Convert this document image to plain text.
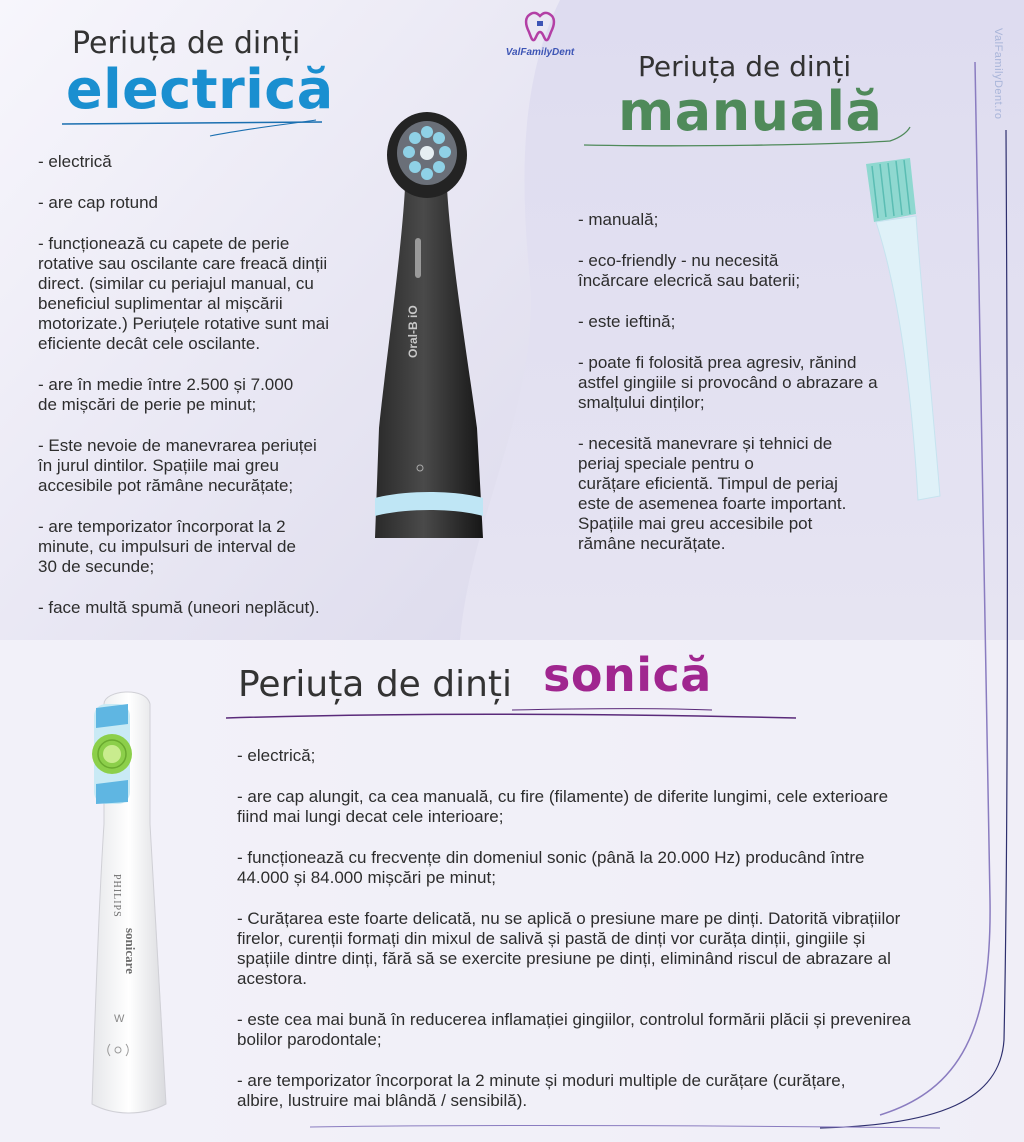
ValFamilyDent	ValFamilyDent.ro
Periuța de dinți
electrică

- electrică

- are cap rotund

- funcționează cu capete de perie
rotative sau oscilante care freacă dinții
direct. (similar cu periajul manual, cu
beneficiul suplimentar al mișcării
motorizate.) Periuțele rotative sunt mai
eficiente decât cele oscilante.

- are în medie între 2.500 și 7.000
de mișcări de perie pe minut;

- Este nevoie de manevrarea periuței
în jurul dintilor. Spațiile mai greu
accesibile pot rămâne necurățate;

- are temporizator încorporat la 2
minute, cu impulsuri de interval de
30 de secunde;

- face multă spumă (uneori neplăcut).

Oral-B iO
Periuța de dinți
manuală

- manuală;

- eco-friendly - nu necesită
încărcare elecrică sau baterii;

- este ieftină;

- poate fi folosită prea agresiv, rănind
astfel gingiile si provocând o abrazare a
smalțului dinților;

- necesită manevrare și tehnici de
periaj speciale pentru o
curățare eficientă. Timpul de periaj
este de asemenea foarte important.
Spațiile mai greu accesibile pot
rămâne necurățate.

Periuța de dinți sonică

- electrică;

- are cap alungit, ca cea manuală, cu fire (filamente) de diferite lungimi, cele exterioare
fiind mai lungi decat cele interioare;

- funcționează cu frecvențe din domeniul sonic (până la 20.000 Hz) producând între
44.000 și 84.000 mișcări pe minut;

- Curățarea este foarte delicată, nu se aplică o presiune mare pe dinți. Datorită vibrațiilor
firelor, curenții formați din mixul de salivă și pastă de dinți vor curăța dinții, gingiile și
spațiile dintre dinți, fără să se exercite presiune pe dinți, eliminând riscul de abrazare al
acestora.

- este cea mai bună în reducerea inflamației gingiilor, controlul formării plăcii și prevenirea
bolilor parodontale;

- are temporizator încorporat la 2 minute și moduri multiple de curățare (curățare,
albire, lustruire mai blândă / sensibilă).

PHILIPS
sonicare
W
